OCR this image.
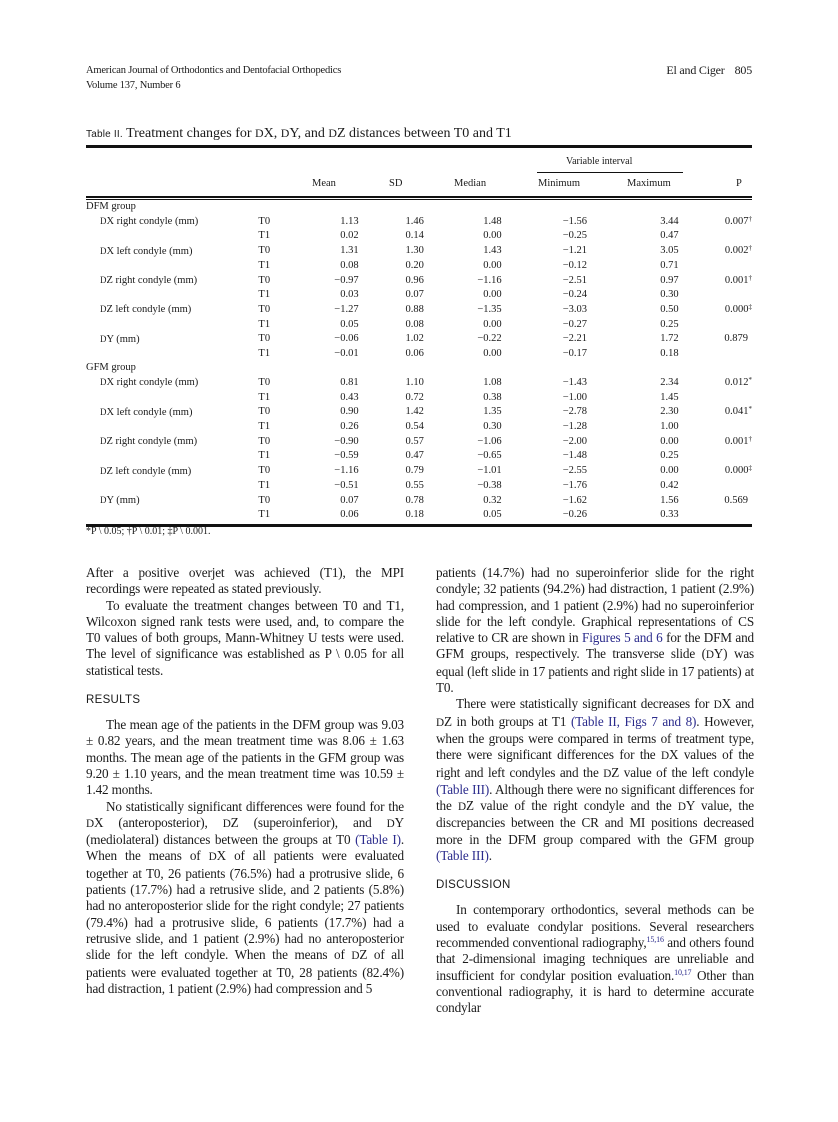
American Journal of Orthodontics and Dentofacial Orthopedics
Volume 137, Number 6
El and Ciger 805
Table II. Treatment changes for DX, DY, and DZ distances between T0 and T1
Variable interval
Mean	SD	Median	Minimum	Maximum	P
DFM group							
DX right condyle (mm)	T0	1.13	1.46	1.48	−1.56	3.44	0.007†
	T1	0.02	0.14	0.00	−0.25	0.47	
DX left condyle (mm)	T0	1.31	1.30	1.43	−1.21	3.05	0.002†
	T1	0.08	0.20	0.00	−0.12	0.71	
DZ right condyle (mm)	T0	−0.97	0.96	−1.16	−2.51	0.97	0.001†
	T1	0.03	0.07	0.00	−0.24	0.30	
DZ left condyle (mm)	T0	−1.27	0.88	−1.35	−3.03	0.50	0.000‡
	T1	0.05	0.08	0.00	−0.27	0.25	
DY (mm)	T0	−0.06	1.02	−0.22	−2.21	1.72	0.879
	T1	−0.01	0.06	0.00	−0.17	0.18	
GFM group							
DX right condyle (mm)	T0	0.81	1.10	1.08	−1.43	2.34	0.012*
	T1	0.43	0.72	0.38	−1.00	1.45	
DX left condyle (mm)	T0	0.90	1.42	1.35	−2.78	2.30	0.041*
	T1	0.26	0.54	0.30	−1.28	1.00	
DZ right condyle (mm)	T0	−0.90	0.57	−1.06	−2.00	0.00	0.001†
	T1	−0.59	0.47	−0.65	−1.48	0.25	
DZ left condyle (mm)	T0	−1.16	0.79	−1.01	−2.55	0.00	0.000‡
	T1	−0.51	0.55	−0.38	−1.76	0.42	
DY (mm)	T0	0.07	0.78	0.32	−1.62	1.56	0.569
	T1	0.06	0.18	0.05	−0.26	0.33	
*P \ 0.05; †P \ 0.01; ‡P \ 0.001.

After a positive overjet was achieved (T1), the MPI recordings were repeated as stated previously.

To evaluate the treatment changes between T0 and T1, Wilcoxon signed rank tests were used, and, to compare the T0 values of both groups, Mann-Whitney U tests were used. The level of significance was established as P \ 0.05 for all statistical tests.

RESULTS

The mean age of the patients in the DFM group was 9.03 ± 0.82 years, and the mean treatment time was 8.06 ± 1.63 months. The mean age of the patients in the GFM group was 9.20 ± 1.10 years, and the mean treatment time was 10.59 ± 1.42 months.

No statistically significant differences were found for the DX (anteroposterior), DZ (superoinferior), and DY (mediolateral) distances between the groups at T0 (Table I). When the means of DX of all patients were evaluated together at T0, 26 patients (76.5%) had a protrusive slide, 6 patients (17.7%) had a retrusive slide, and 2 patients (5.8%) had no anteroposterior slide for the right condyle; 27 patients (79.4%) had a protrusive slide, 6 patients (17.7%) had a retrusive slide, and 1 patient (2.9%) had no anteroposterior slide for the left condyle. When the means of DZ of all patients were evaluated together at T0, 28 patients (82.4%) had distraction, 1 patient (2.9%) had compression and 5

patients (14.7%) had no superoinferior slide for the right condyle; 32 patients (94.2%) had distraction, 1 patient (2.9%) had compression, and 1 patient (2.9%) had no superoinferior slide for the left condyle. Graphical representations of CS relative to CR are shown in Figures 5 and 6 for the DFM and GFM groups, respectively. The transverse slide (DY) was equal (left slide in 17 patients and right slide in 17 patients) at T0.

There were statistically significant decreases for DX and DZ in both groups at T1 (Table II, Figs 7 and 8). However, when the groups were compared in terms of treatment type, there were significant differences for the DX values of the right and left condyles and the DZ value of the left condyle (Table III). Although there were no significant differences for the DZ value of the right condyle and the DY value, the discrepancies between the CR and MI positions decreased more in the DFM group compared with the GFM group (Table III).

DISCUSSION

In contemporary orthodontics, several methods can be used to evaluate condylar positions. Several researchers recommended conventional radiography,$^{15,16}$ and others found that 2-dimensional imaging techniques are unreliable and insufficient for condylar position evaluation.$^{10,17}$ Other than conventional radiography, it is hard to determine accurate condylar
